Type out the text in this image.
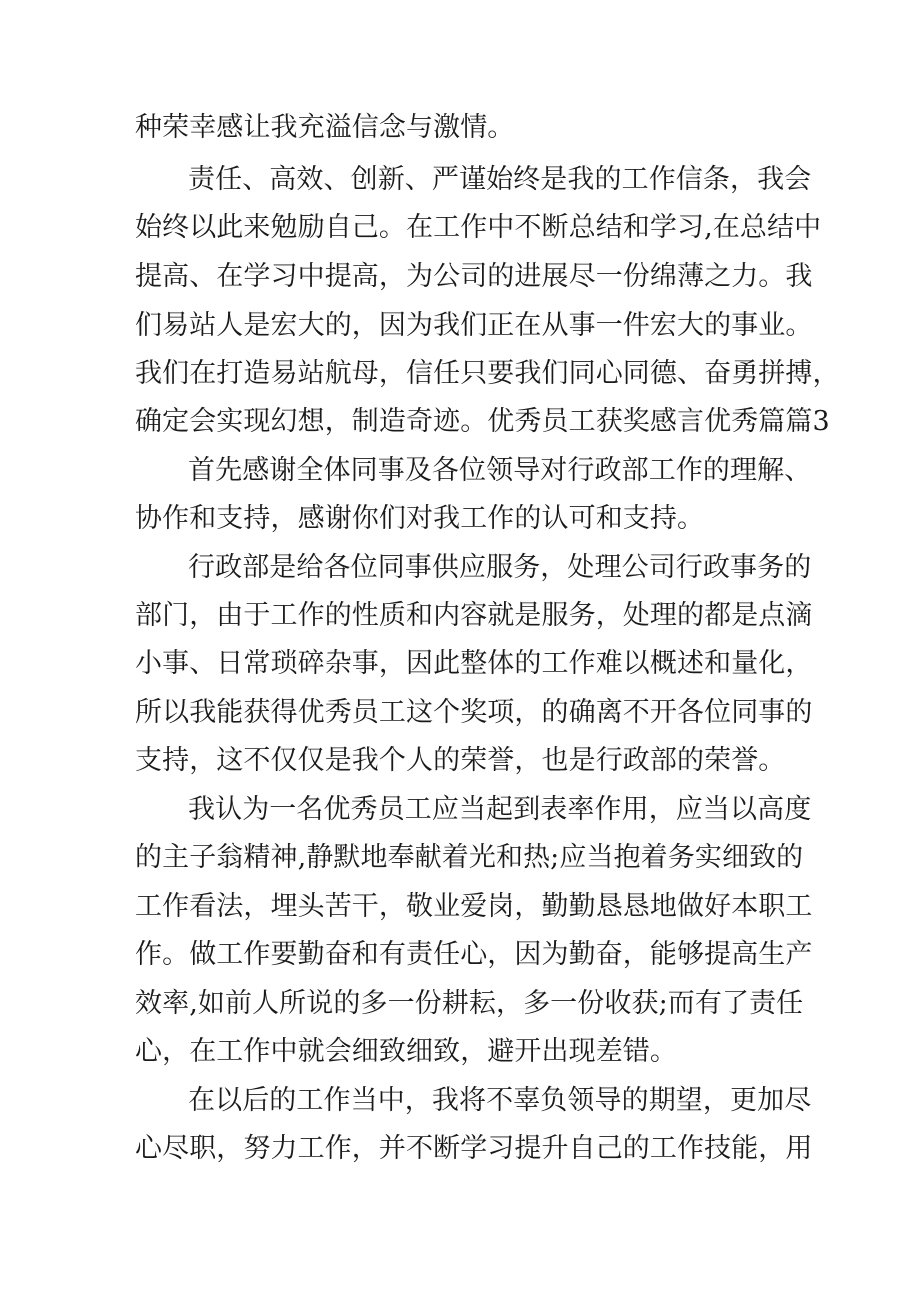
种荣幸感让我充溢信念与激情。
责任、高效、创新、严谨始终是我的工作信条，我会
始终以此来勉励自己。在工作中不断总结和学习,在总结中
提高、在学习中提高，为公司的进展尽一份绵薄之力。我
们易站人是宏大的，因为我们正在从事一件宏大的事业。
我们在打造易站航母，信任只要我们同心同德、奋勇拼搏，
确定会实现幻想，制造奇迹。优秀员工获奖感言优秀篇篇3
首先感谢全体同事及各位领导对行政部工作的理解、
协作和支持，感谢你们对我工作的认可和支持。
行政部是给各位同事供应服务，处理公司行政事务的
部门，由于工作的性质和内容就是服务，处理的都是点滴
小事、日常琐碎杂事，因此整体的工作难以概述和量化，
所以我能获得优秀员工这个奖项，的确离不开各位同事的
支持，这不仅仅是我个人的荣誉，也是行政部的荣誉。
我认为一名优秀员工应当起到表率作用，应当以高度
的主子翁精神,静默地奉献着光和热;应当抱着务实细致的
工作看法，埋头苦干，敬业爱岗，勤勤恳恳地做好本职工
作。做工作要勤奋和有责任心，因为勤奋，能够提高生产
效率,如前人所说的多一份耕耘，多一份收获;而有了责任
心，在工作中就会细致细致，避开出现差错。
在以后的工作当中，我将不辜负领导的期望，更加尽
心尽职，努力工作，并不断学习提升自己的工作技能，用
